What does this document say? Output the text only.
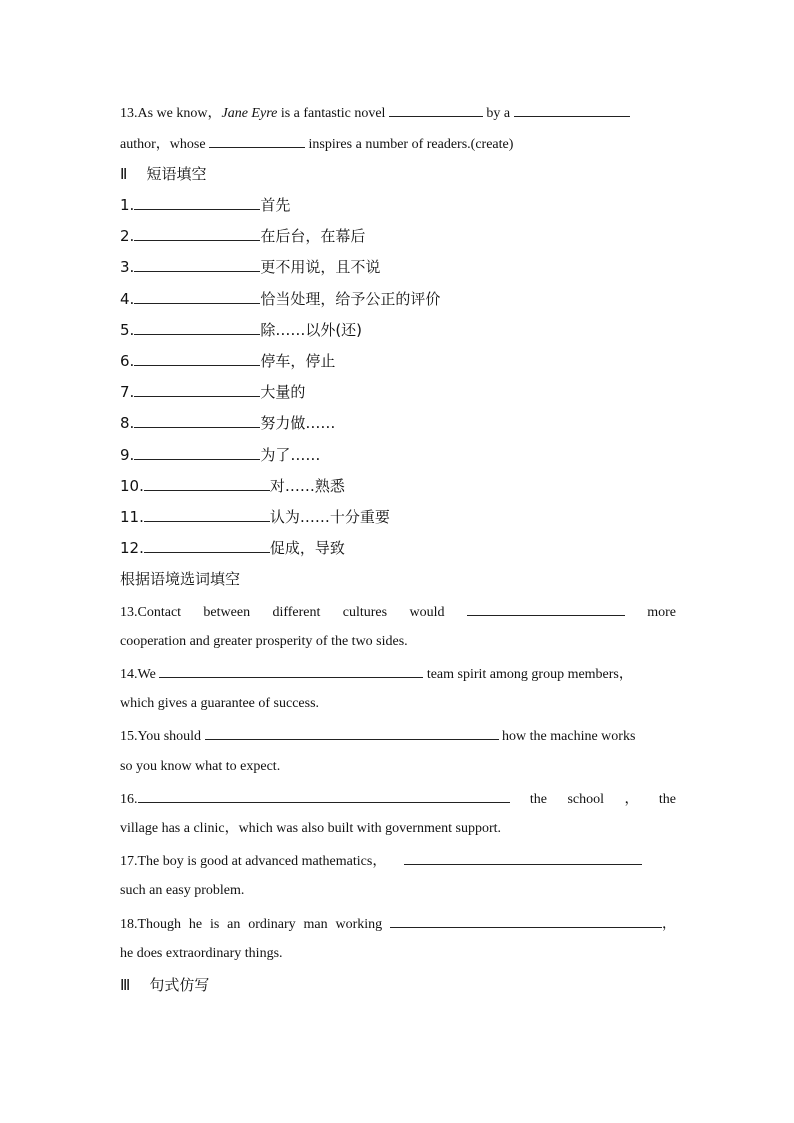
13.As we know，Jane Eyre is a fantastic novel	by a
author，whose	inspires a number of readers.(create)
Ⅱ 短语填空
1.	首先
2.	在后台，在幕后
3.	更不用说，且不说
4.	恰当处理，给予公正的评价
5.	除……以外(还)
6.	停车，停止
7.	大量的
8.	努力做……
9.	为了……
10.	对……熟悉
11.	认为……十分重要
12.	促成，导致
根据语境选词填空
13.Contact between different cultures would	more
cooperation and greater prosperity of the two sides.
14.We	team spirit among group members，
which gives a guarantee of success.
15.You should	how the machine works
so you know what to expect.
16.	the school ， the
village has a clinic，which was also built with government support.
17.The boy is good at advanced mathematics，
such an easy problem.
18.Though he is an ordinary man working	，
he does extraordinary things.
Ⅲ 句式仿写
